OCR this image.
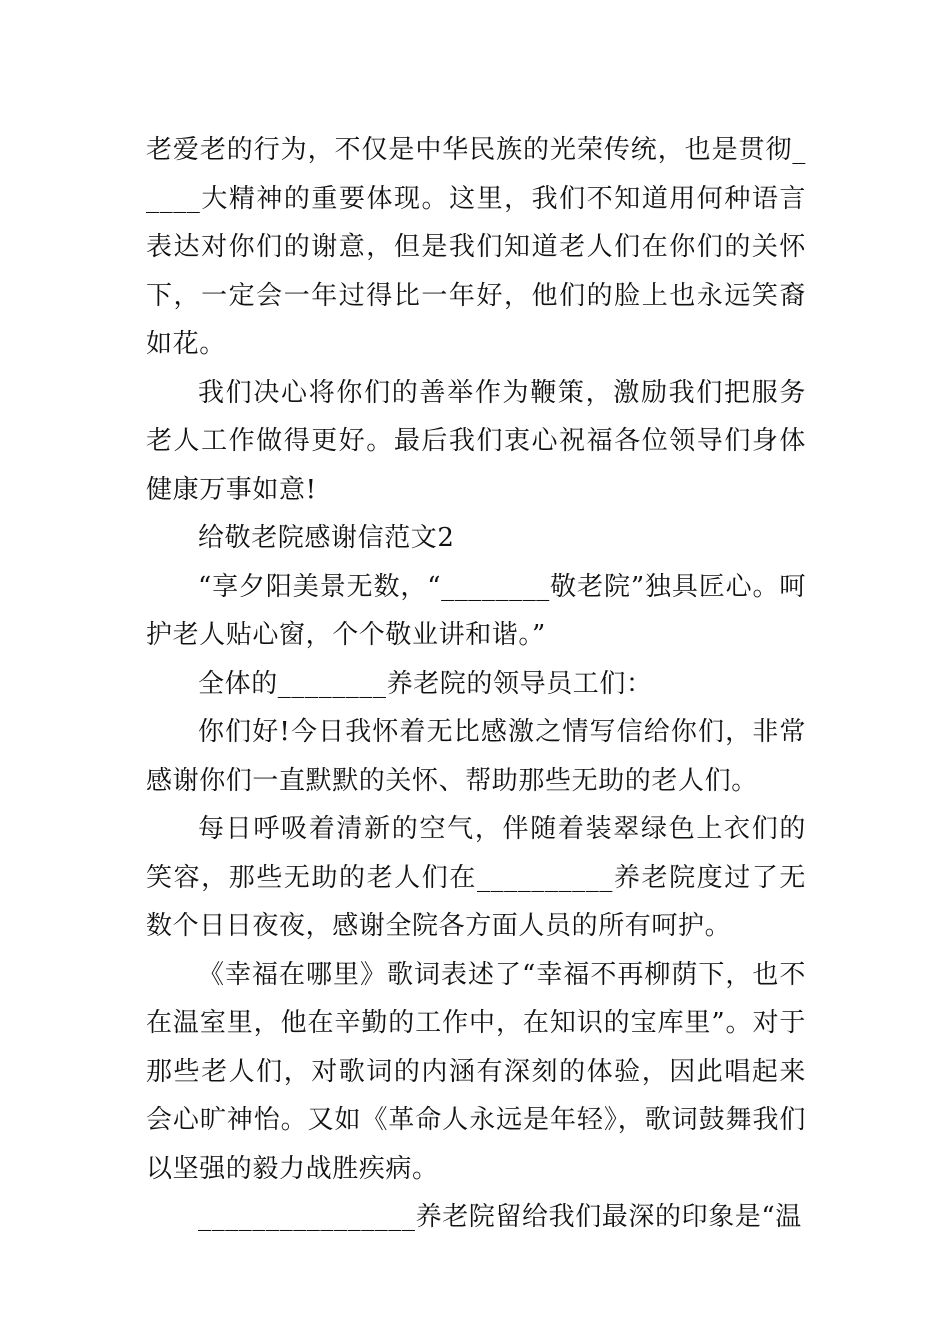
老爱老的行为，不仅是中华民族的光荣传统，也是贯彻_____大精神的重要体现。这里，我们不知道用何种语言表达对你们的谢意，但是我们知道老人们在你们的关怀下，一定会一年过得比一年好，他们的脸上也永远笑裔如花。

我们决心将你们的善举作为鞭策，激励我们把服务老人工作做得更好。最后我们衷心祝福各位领导们身体健康万事如意!

给敬老院感谢信范文2

“享夕阳美景无数，“________敬老院”独具匠心。呵护老人贴心窗，个个敬业讲和谐。”

全体的________养老院的领导员工们：

你们好!今日我怀着无比感激之情写信给你们，非常感谢你们一直默默的关怀、帮助那些无助的老人们。

每日呼吸着清新的空气，伴随着装翠绿色上衣们的笑容，那些无助的老人们在__________养老院度过了无数个日日夜夜，感谢全院各方面人员的所有呵护。

《幸福在哪里》歌词表述了“幸福不再柳荫下，也不在温室里，他在辛勤的工作中，在知识的宝库里”。对于那些老人们，对歌词的内涵有深刻的体验，因此唱起来会心旷神怡。又如《革命人永远是年轻》，歌词鼓舞我们以坚强的毅力战胜疾病。

________________养老院留给我们最深的印象是“温
